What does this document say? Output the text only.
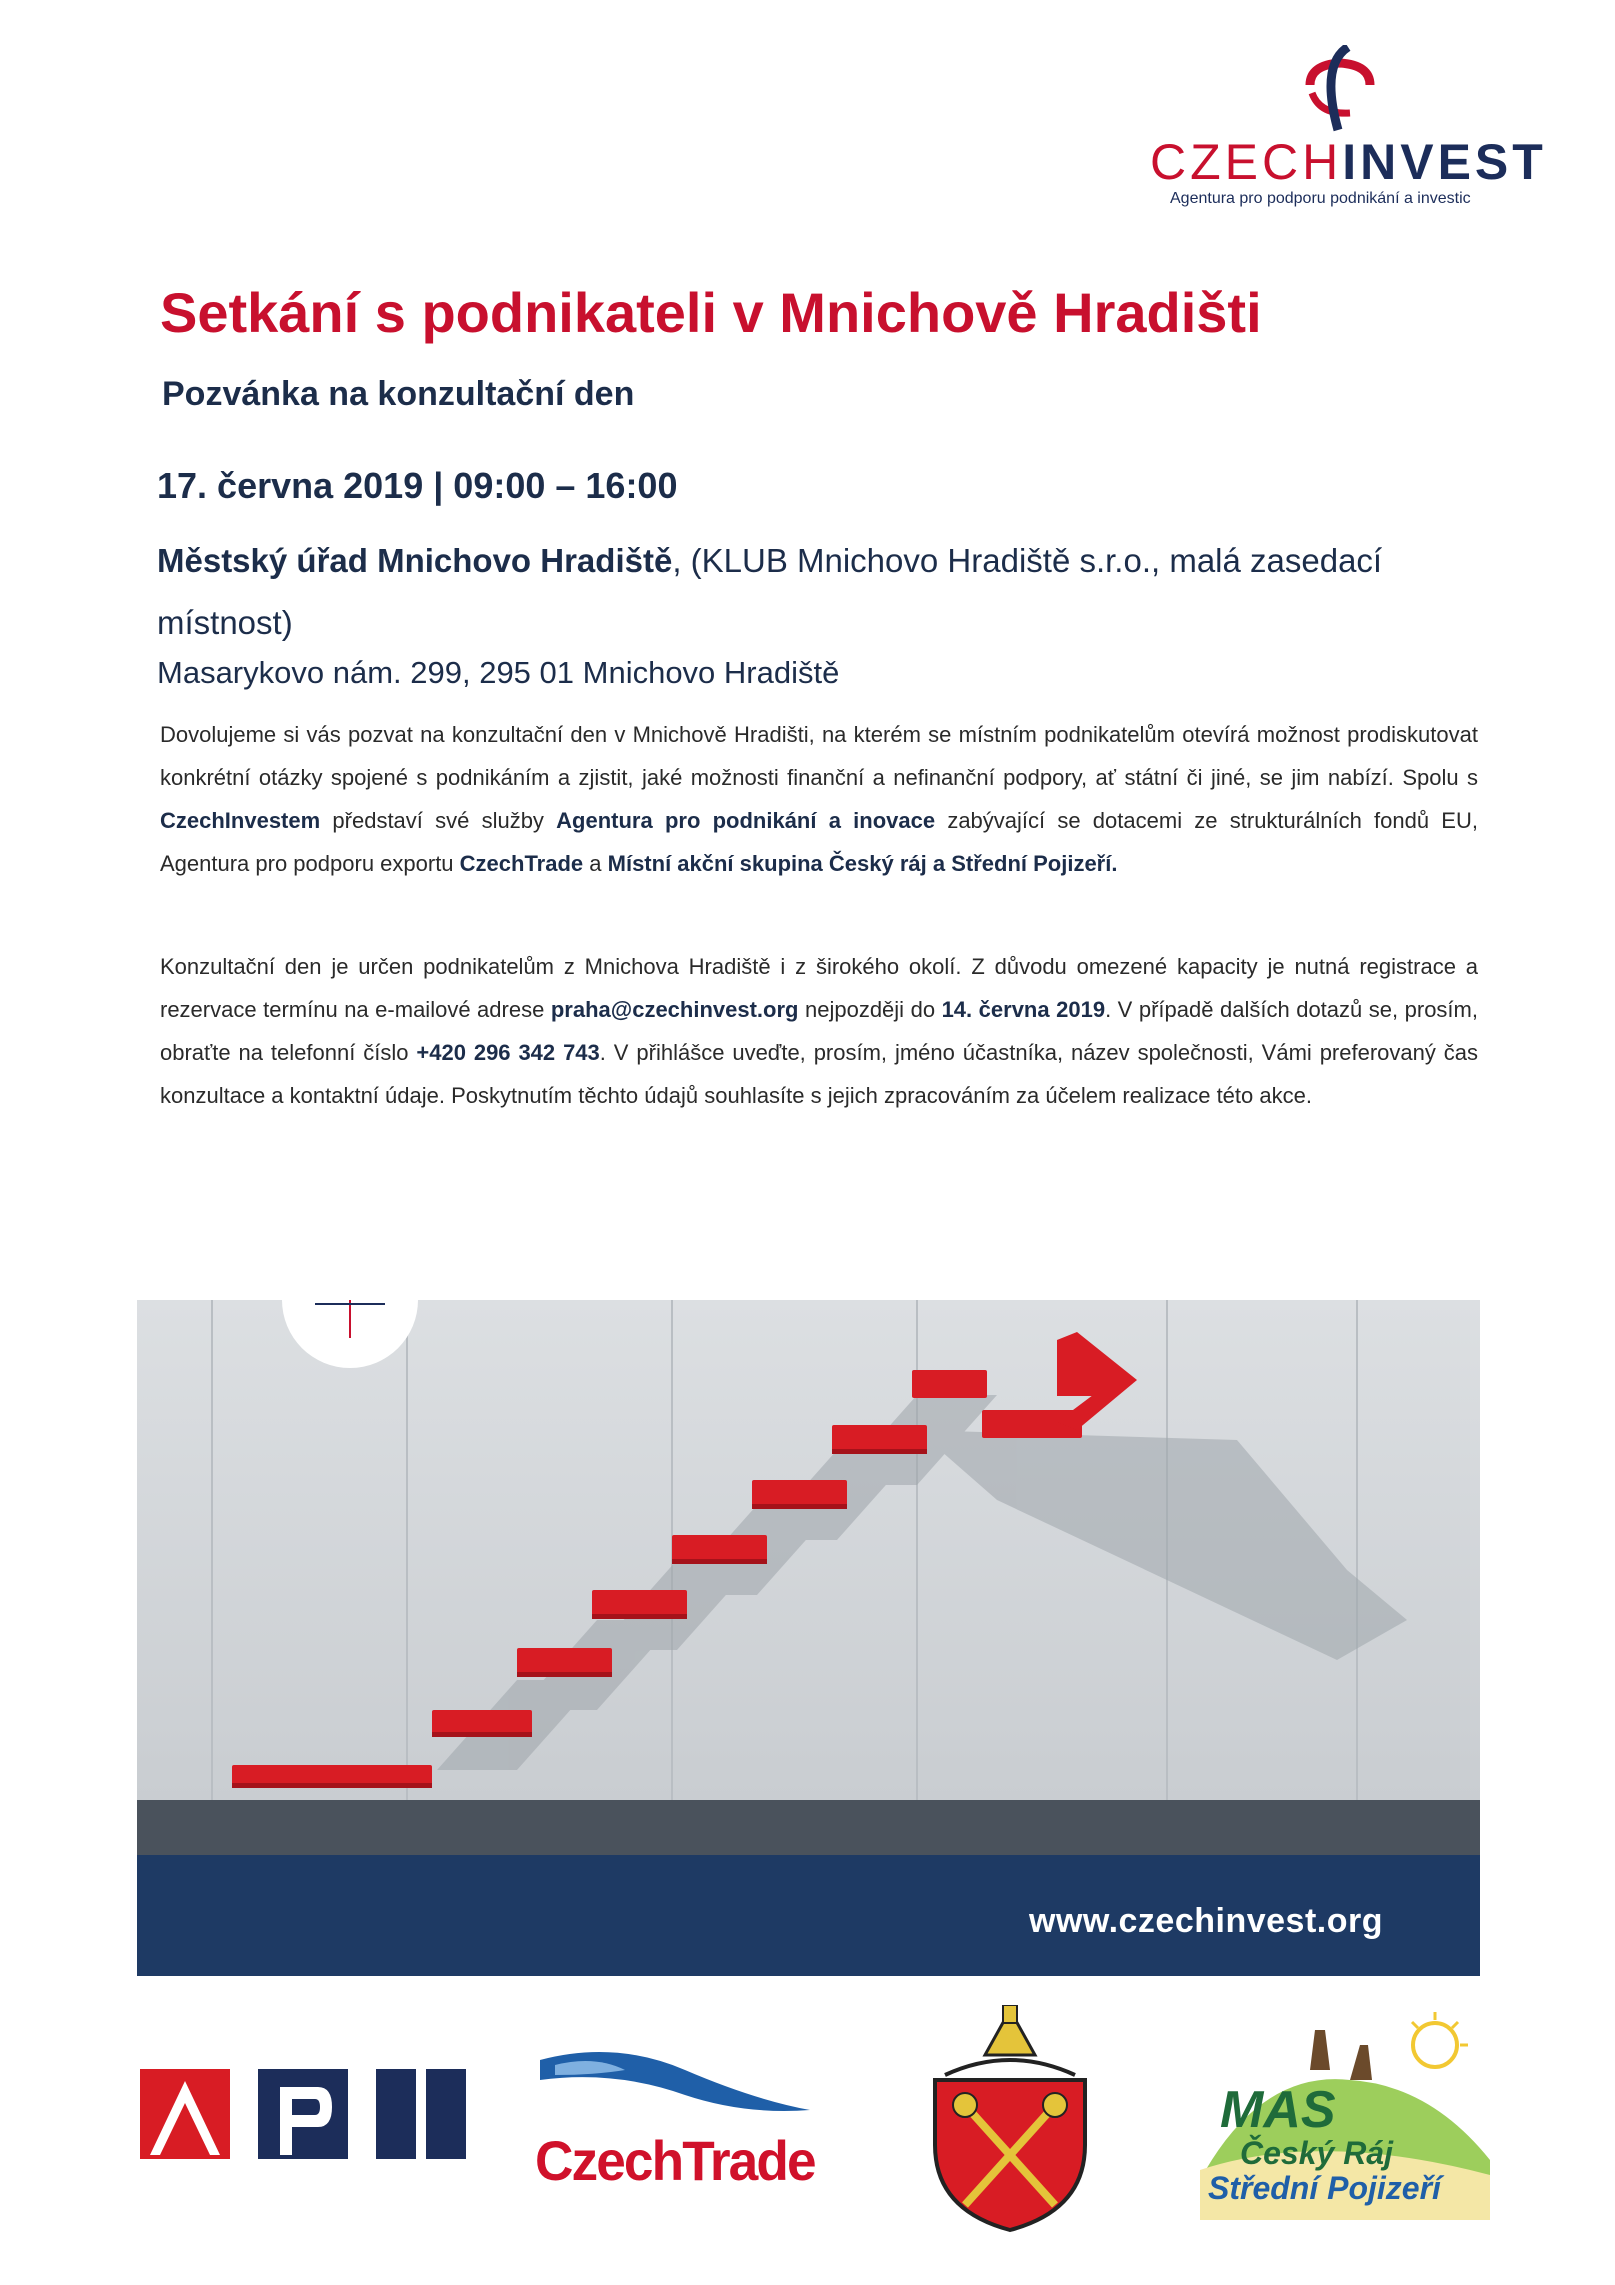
CZECHINVEST
Agentura pro podporu podnikání a investic
Setkání s podnikateli v Mnichově Hradišti
Pozvánka na konzultační den
17. června 2019 | 09:00 – 16:00
Městský úřad Mnichovo Hradiště, (KLUB Mnichovo Hradiště s.r.o., malá zasedací místnost)
Masarykovo nám. 299, 295 01 Mnichovo Hradiště
Dovolujeme si vás pozvat na konzultační den v Mnichově Hradišti, na kterém se místním podnikatelům otevírá možnost prodiskutovat konkrétní otázky spojené s podnikáním a zjistit, jaké možnosti finanční a nefinanční podpory, ať státní či jiné, se jim nabízí. Spolu s CzechInvestem představí své služby Agentura pro podnikání a inovace zabývající se dotacemi ze strukturálních fondů EU, Agentura pro podporu exportu CzechTrade a Místní akční skupina Český ráj a Střední Pojizeří.
Konzultační den je určen podnikatelům z Mnichova Hradiště i z širokého okolí. Z důvodu omezené kapacity je nutná registrace a rezervace termínu na e-mailové adrese praha@czechinvest.org nejpozději do 14. června 2019. V případě dalších dotazů se, prosím, obraťte na telefonní číslo +420 296 342 743. V přihlášce uveďte, prosím, jméno účastníka, název společnosti, Vámi preferovaný čas konzultace a kontaktní údaje. Poskytnutím těchto údajů souhlasíte s jejich zpracováním za účelem realizace této akce.
www.czechinvest.org
CzechTrade
MAS
Český Ráj
Střední Pojizeří
